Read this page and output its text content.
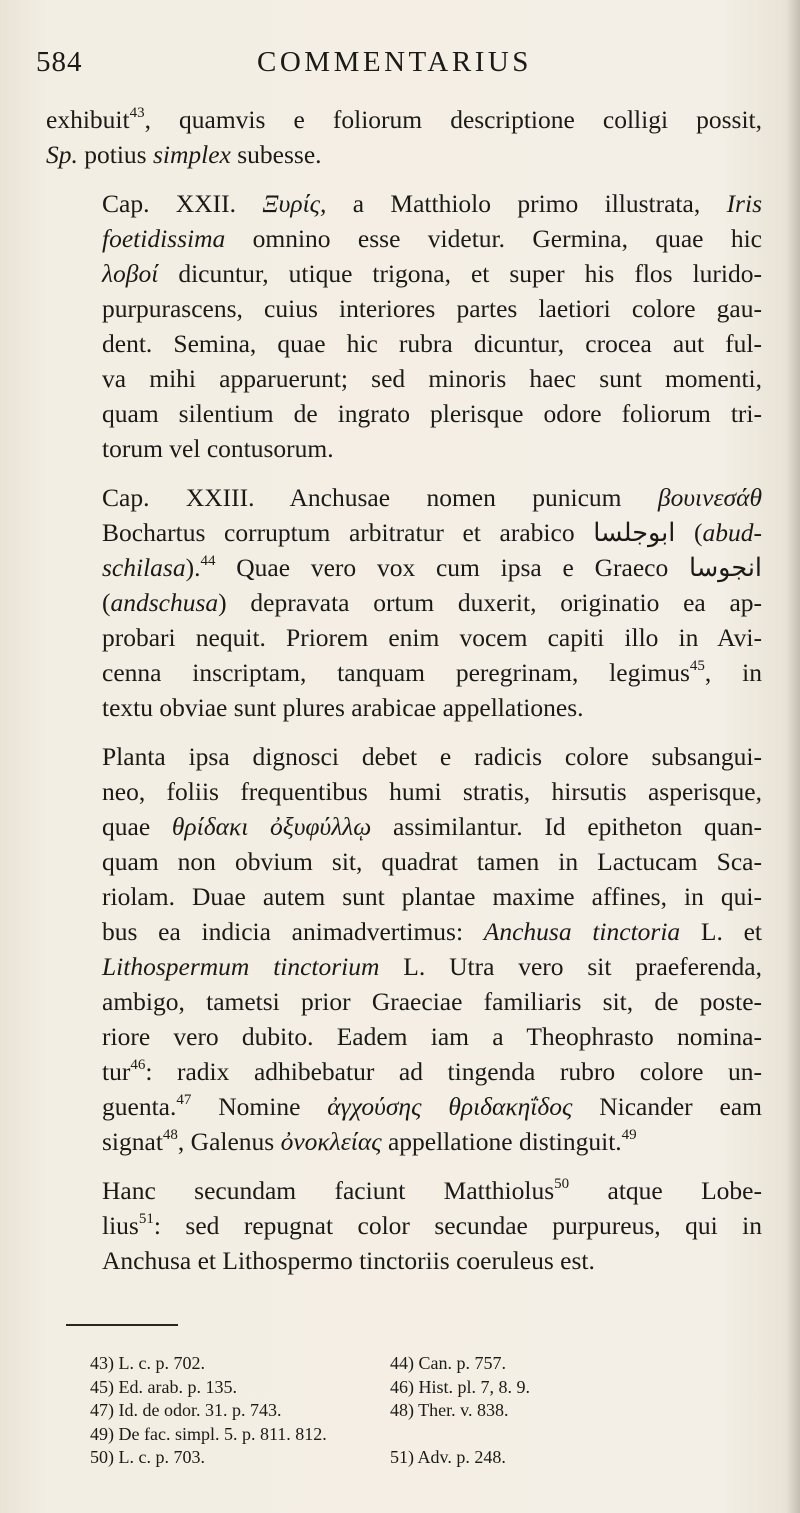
584	COMMENTARIUS

exhibuit$^{43}$, quamvis e foliorum descriptione colligi possit,
Sp. potius simplex subesse.

Cap. XXII. Ξυρίς, a Matthiolo primo illustrata, Iris
foetidissima omnino esse videtur. Germina, quae hic
λοβοί dicuntur, utique trigona, et super his flos lurido-
purpurascens, cuius interiores partes laetiori colore gau-
dent. Semina, quae hic rubra dicuntur, crocea aut ful-
va mihi apparuerunt; sed minoris haec sunt momenti,
quam silentium de ingrato plerisque odore foliorum tri-
torum vel contusorum.

Cap. XXIII. Anchusae nomen punicum βουινεσάθ
Bochartus corruptum arbitratur et arabico ابوجلسا (abud-
schilasa).$^{44}$ Quae vero vox cum ipsa e Graeco انجوسا
(andschusa) depravata ortum duxerit, originatio ea ap-
probari nequit. Priorem enim vocem capiti illo in Avi-
cenna inscriptam, tanquam peregrinam, legimus$^{45}$, in
textu obviae sunt plures arabicae appellationes.

Planta ipsa dignosci debet e radicis colore subsangui-
neo, foliis frequentibus humi stratis, hirsutis asperisque,
quae θρίδακι ὀξυφύλλῳ assimilantur. Id epitheton quan-
quam non obvium sit, quadrat tamen in Lactucam Sca-
riolam. Duae autem sunt plantae maxime affines, in qui-
bus ea indicia animadvertimus: Anchusa tinctoria L. et
Lithospermum tinctorium L. Utra vero sit praeferenda,
ambigo, tametsi prior Graeciae familiaris sit, de poste-
riore vero dubito. Eadem iam a Theophrasto nomina-
tur$^{46}$: radix adhibebatur ad tingenda rubro colore un-
guenta.$^{47}$ Nomine ἀγχούσης θριδακηΐδος Nicander eam
signat$^{48}$, Galenus ὀνοκλείας appellatione distinguit.$^{49}$

Hanc secundam faciunt Matthiolus$^{50}$ atque Lobe-
lius$^{51}$: sed repugnat color secundae purpureus, qui in
Anchusa et Lithospermo tinctoriis coeruleus est.

43) L. c. p. 702.	44) Can. p. 757.
45) Ed. arab. p. 135.	46) Hist. pl. 7, 8. 9.
47) Id. de odor. 31. p. 743.	48) Ther. v. 838.
49) De fac. simpl. 5. p. 811. 812.
50) L. c. p. 703.	51) Adv. p. 248.
